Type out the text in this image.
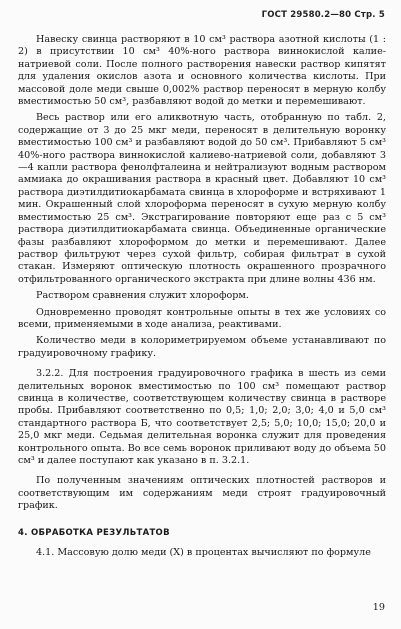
ГОСТ 29580.2—80 Стр. 5

Навеску свинца растворяют в 10 см³ раствора азотной кислоты (1 : 2) в присутствии 10 см³ 40%-ного раствора виннокислой калие-натриевой соли. После полного растворения навески раствор кипятят для удаления окислов азота и основного количества кислоты. При массовой доле меди свыше 0,002% раствор переносят в мерную колбу вместимостью 50 см³, разбавляют водой до метки и перемешивают.

Весь раствор или его аликвотную часть, отобранную по табл. 2, содержащие от 3 до 25 мкг меди, переносят в делительную воронку вместимостью 100 см³ и разбавляют водой до 50 см³. Прибавляют 5 см³ 40%-ного раствора виннокислой калиево-натриевой соли, добавляют 3—4 капли раствора фенолфталеина и нейтрализуют водным раствором аммиака до окрашивания раствора в красный цвет. Добавляют 10 см³ раствора диэтилдитиокарбамата свинца в хлороформе и встряхивают 1 мин. Окрашенный слой хлороформа переносят в сухую мерную колбу вместимостью 25 см³. Экстрагирование повторяют еще раз с 5 см³ раствора диэтилдитиокарбамата свинца. Объединенные органические фазы разбавляют хлороформом до метки и перемешивают. Далее раствор фильтруют через сухой фильтр, собирая фильтрат в сухой стакан. Измеряют оптическую плотность окрашенного прозрачного отфильтрованного органического экстракта при длине волны 436 нм.

Раствором сравнения служит хлороформ.

Одновременно проводят контрольные опыты в тех же условиях со всеми, применяемыми в ходе анализа, реактивами.

Количество меди в колориметрируемом объеме устанавливают по градуировочному графику.

3.2.2. Для построения градуировочного графика в шесть из семи делительных воронок вместимостью по 100 см³ помещают раствор свинца в количестве, соответствующем количеству свинца в растворе пробы. Прибавляют соответственно по 0,5; 1,0; 2,0; 3,0; 4,0 и 5,0 см³ стандартного раствора Б, что соответствует 2,5; 5,0; 10,0; 15,0; 20,0 и 25,0 мкг меди. Седьмая делительная воронка служит для проведения контрольного опыта. Во все семь воронок приливают воду до объема 50 см³ и далее поступают как указано в п. 3.2.1.

По полученным значениям оптических плотностей растворов и соответствующим им содержаниям меди строят градуировочный график.

4. ОБРАБОТКА РЕЗУЛЬТАТОВ

4.1. Массовую долю меди (X) в процентах вычисляют по формуле

19
